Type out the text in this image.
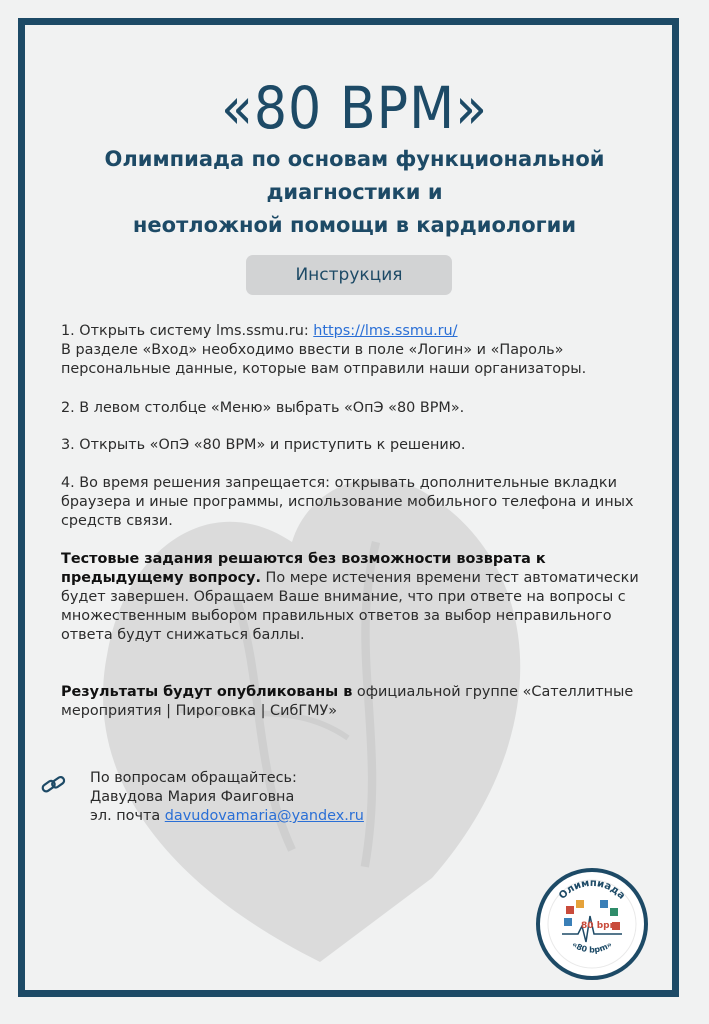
«80 BPM»
Олимпиада по основам функциональной диагностики и
неотложной помощи в кардиологии
Инструкция

1. Открыть систему lms.ssmu.ru: https://lms.ssmu.ru/

В разделе «Вход» необходимо ввести в поле «Логин» и «Пароль» персональные данные, которые вам отправили наши организаторы.

2. В левом столбце «Меню» выбрать «ОпЭ «80 BPM».

3. Открыть «ОпЭ «80 BPM» и приступить к решению.

4. Во время решения запрещается: открывать дополнительные вкладки браузера и иные программы, использование мобильного телефона и иных средств связи.

Тестовые задания решаются без возможности возврата к предыдущему вопросу. По мере истечения времени тест автоматически будет завершен. Обращаем Ваше внимание, что при ответе на вопросы с множественным выбором правильных ответов за выбор неправильного ответа будут снижаться баллы.

Результаты будут опубликованы в официальной группе «Сателлитные мероприятия | Пироговка | СибГМУ»

По вопросам обращайтесь:
Давудова Мария Фаиговна
эл. почта davudovamaria@yandex.ru
Олимпиада
«80 bpm»
80 bpm
